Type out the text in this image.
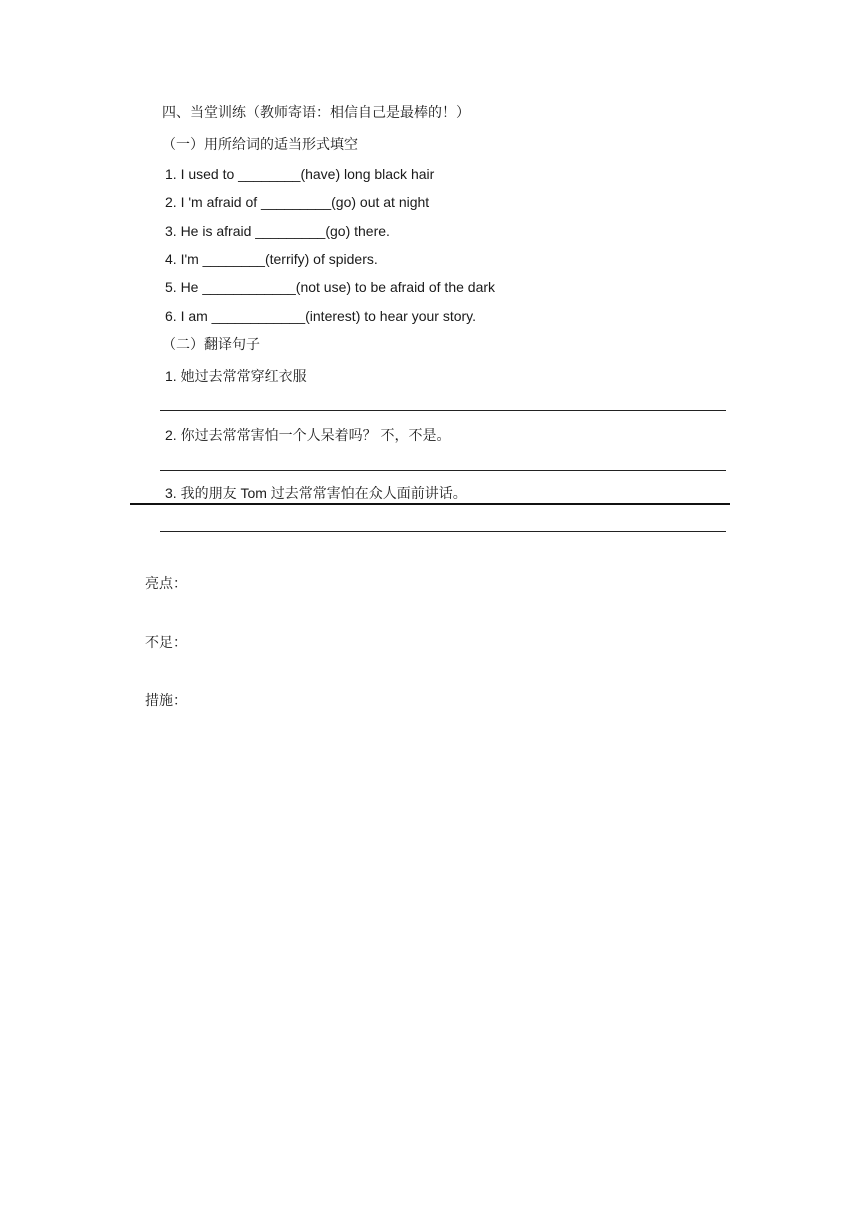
四、当堂训练（教师寄语：相信自己是最棒的！）
（一）用所给词的适当形式填空
1. I used to ________(have) long black hair
2. I 'm afraid of _________(go) out at night
3. He is afraid _________(go) there.
4. I'm ________(terrify) of spiders.
5. He ____________(not use) to be afraid of the dark
6. I am ____________(interest) to hear your story.
（二）翻译句子
1. 她过去常常穿红衣服
2. 你过去常常害怕一个人呆着吗？ 不，不是。
3. 我的朋友 Tom 过去常常害怕在众人面前讲话。
亮点：
不足：
措施：
